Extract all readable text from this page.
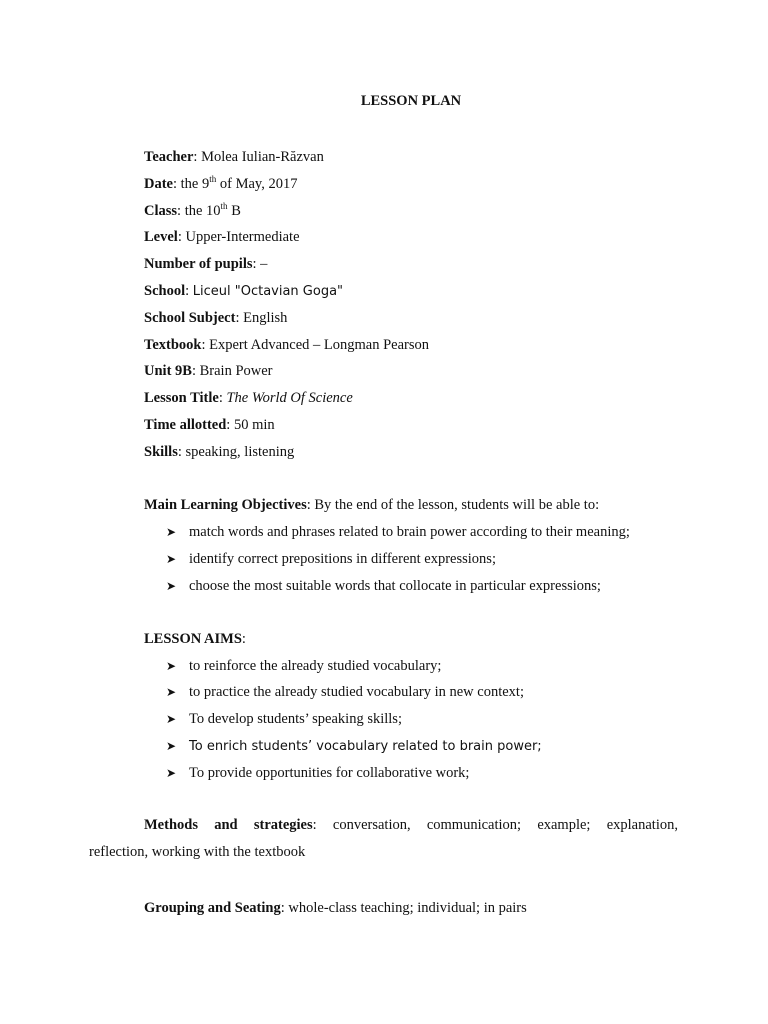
LESSON PLAN
Teacher: Molea Iulian-Răzvan
Date: the 9th of May, 2017
Class: the 10th B
Level: Upper-Intermediate
Number of pupils: –
School: Liceul "Octavian Goga"
School Subject: English
Textbook: Expert Advanced – Longman Pearson
Unit 9B: Brain Power
Lesson Title: The World Of Science
Time allotted: 50 min
Skills: speaking, listening
Main Learning Objectives: By the end of the lesson, students will be able to:
➤ match words and phrases related to brain power according to their meaning;
➤ identify correct prepositions in different expressions;
➤ choose the most suitable words that collocate in particular expressions;
LESSON AIMS:
➤ to reinforce the already studied vocabulary;
➤ to practice the already studied vocabulary in new context;
➤ To develop students’ speaking skills;
➤ To enrich students’ vocabulary related to brain power;
➤ To provide opportunities for collaborative work;
Methods and strategies: conversation, communication; example; explanation,
reflection, working with the textbook
Grouping and Seating: whole-class teaching; individual; in pairs
